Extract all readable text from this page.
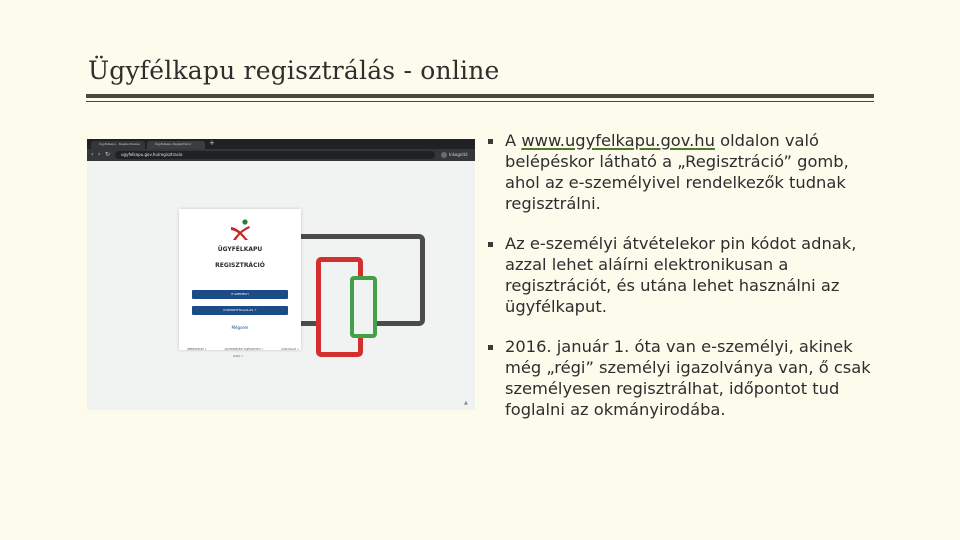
Ügyfélkapu regisztrálás - online
Ügyfélkapu - Bejelentkezés	Ügyfélkapu Regisztráció	+
‹ › ↻	ugyfelkapu.gov.hu/regisztracio	Inkognitó
ÜGYFÉLKAPU
REGISZTRÁCIÓ
E-SZEMÉLYI
IDŐPONTFOGLALÁS ↗
Mégsem
IMPRESSZUM ↗	ADATKEZELÉSI TÁJÉKOZTATÓ ↗	KAPCSOLAT ↗
SÚGÓ ↗
▲
A www.ugyfelkapu.gov.hu oldalon való belépéskor látható a „Regisztráció” gomb, ahol az e-személyivel rendelkezők tudnak regisztrálni.
Az e-személyi átvételekor pin kódot adnak, azzal lehet aláírni elektronikusan a regisztrációt, és utána lehet használni az ügyfélkaput.
2016. január 1. óta van e-személyi, akinek még „régi” személyi igazolványa van, ő csak személyesen regisztrálhat, időpontot tud foglalni az okmányirodába.
